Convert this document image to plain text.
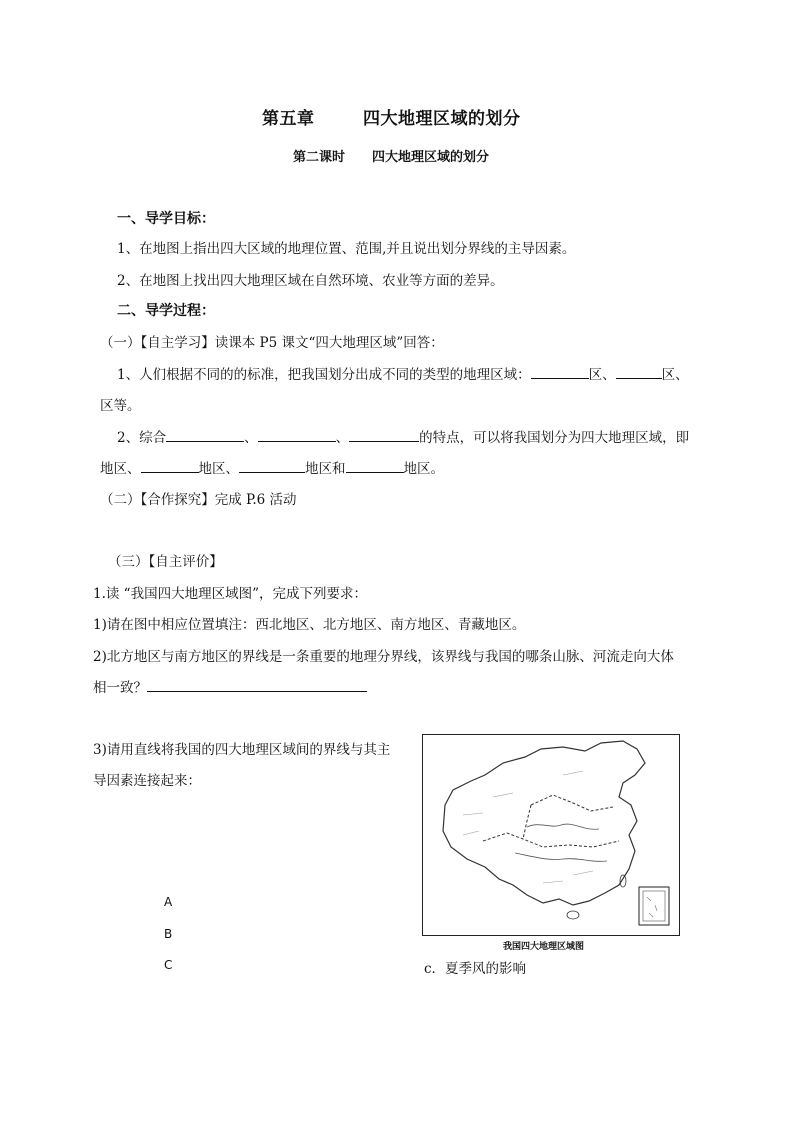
第五章	四大地理区域的划分
第二课时 四大地理区域的划分
一、导学目标：
1、在地图上指出四大区域的地理位置、范围,并且说出划分界线的主导因素。
2、在地图上找出四大地理区域在自然环境、农业等方面的差异。
二、导学过程：
（一）【自主学习】读课本 P5 课文“四大地理区域”回答：
1、人们根据不同的的标准，把我国划分出成不同的类型的地理区域：	区、	区、
区等。
2、综合	、	、	的特点，可以将我国划分为四大地理区域，即
地区、	地区、	地区和	地区。
（二）【合作探究】完成 P.6 活动
（三）【自主评价】
1.读 “我国四大地理区域图”，完成下列要求：
1)请在图中相应位置填注：西北地区、北方地区、南方地区、青藏地区。
2)北方地区与南方地区的界线是一条重要的地理分界线，该界线与我国的哪条山脉、河流走向大体
相一致？
3)请用直线将我国的四大地理区域间的界线与其主
导因素连接起来：
A
B
C
我国四大地理区域图
c．夏季风的影响
